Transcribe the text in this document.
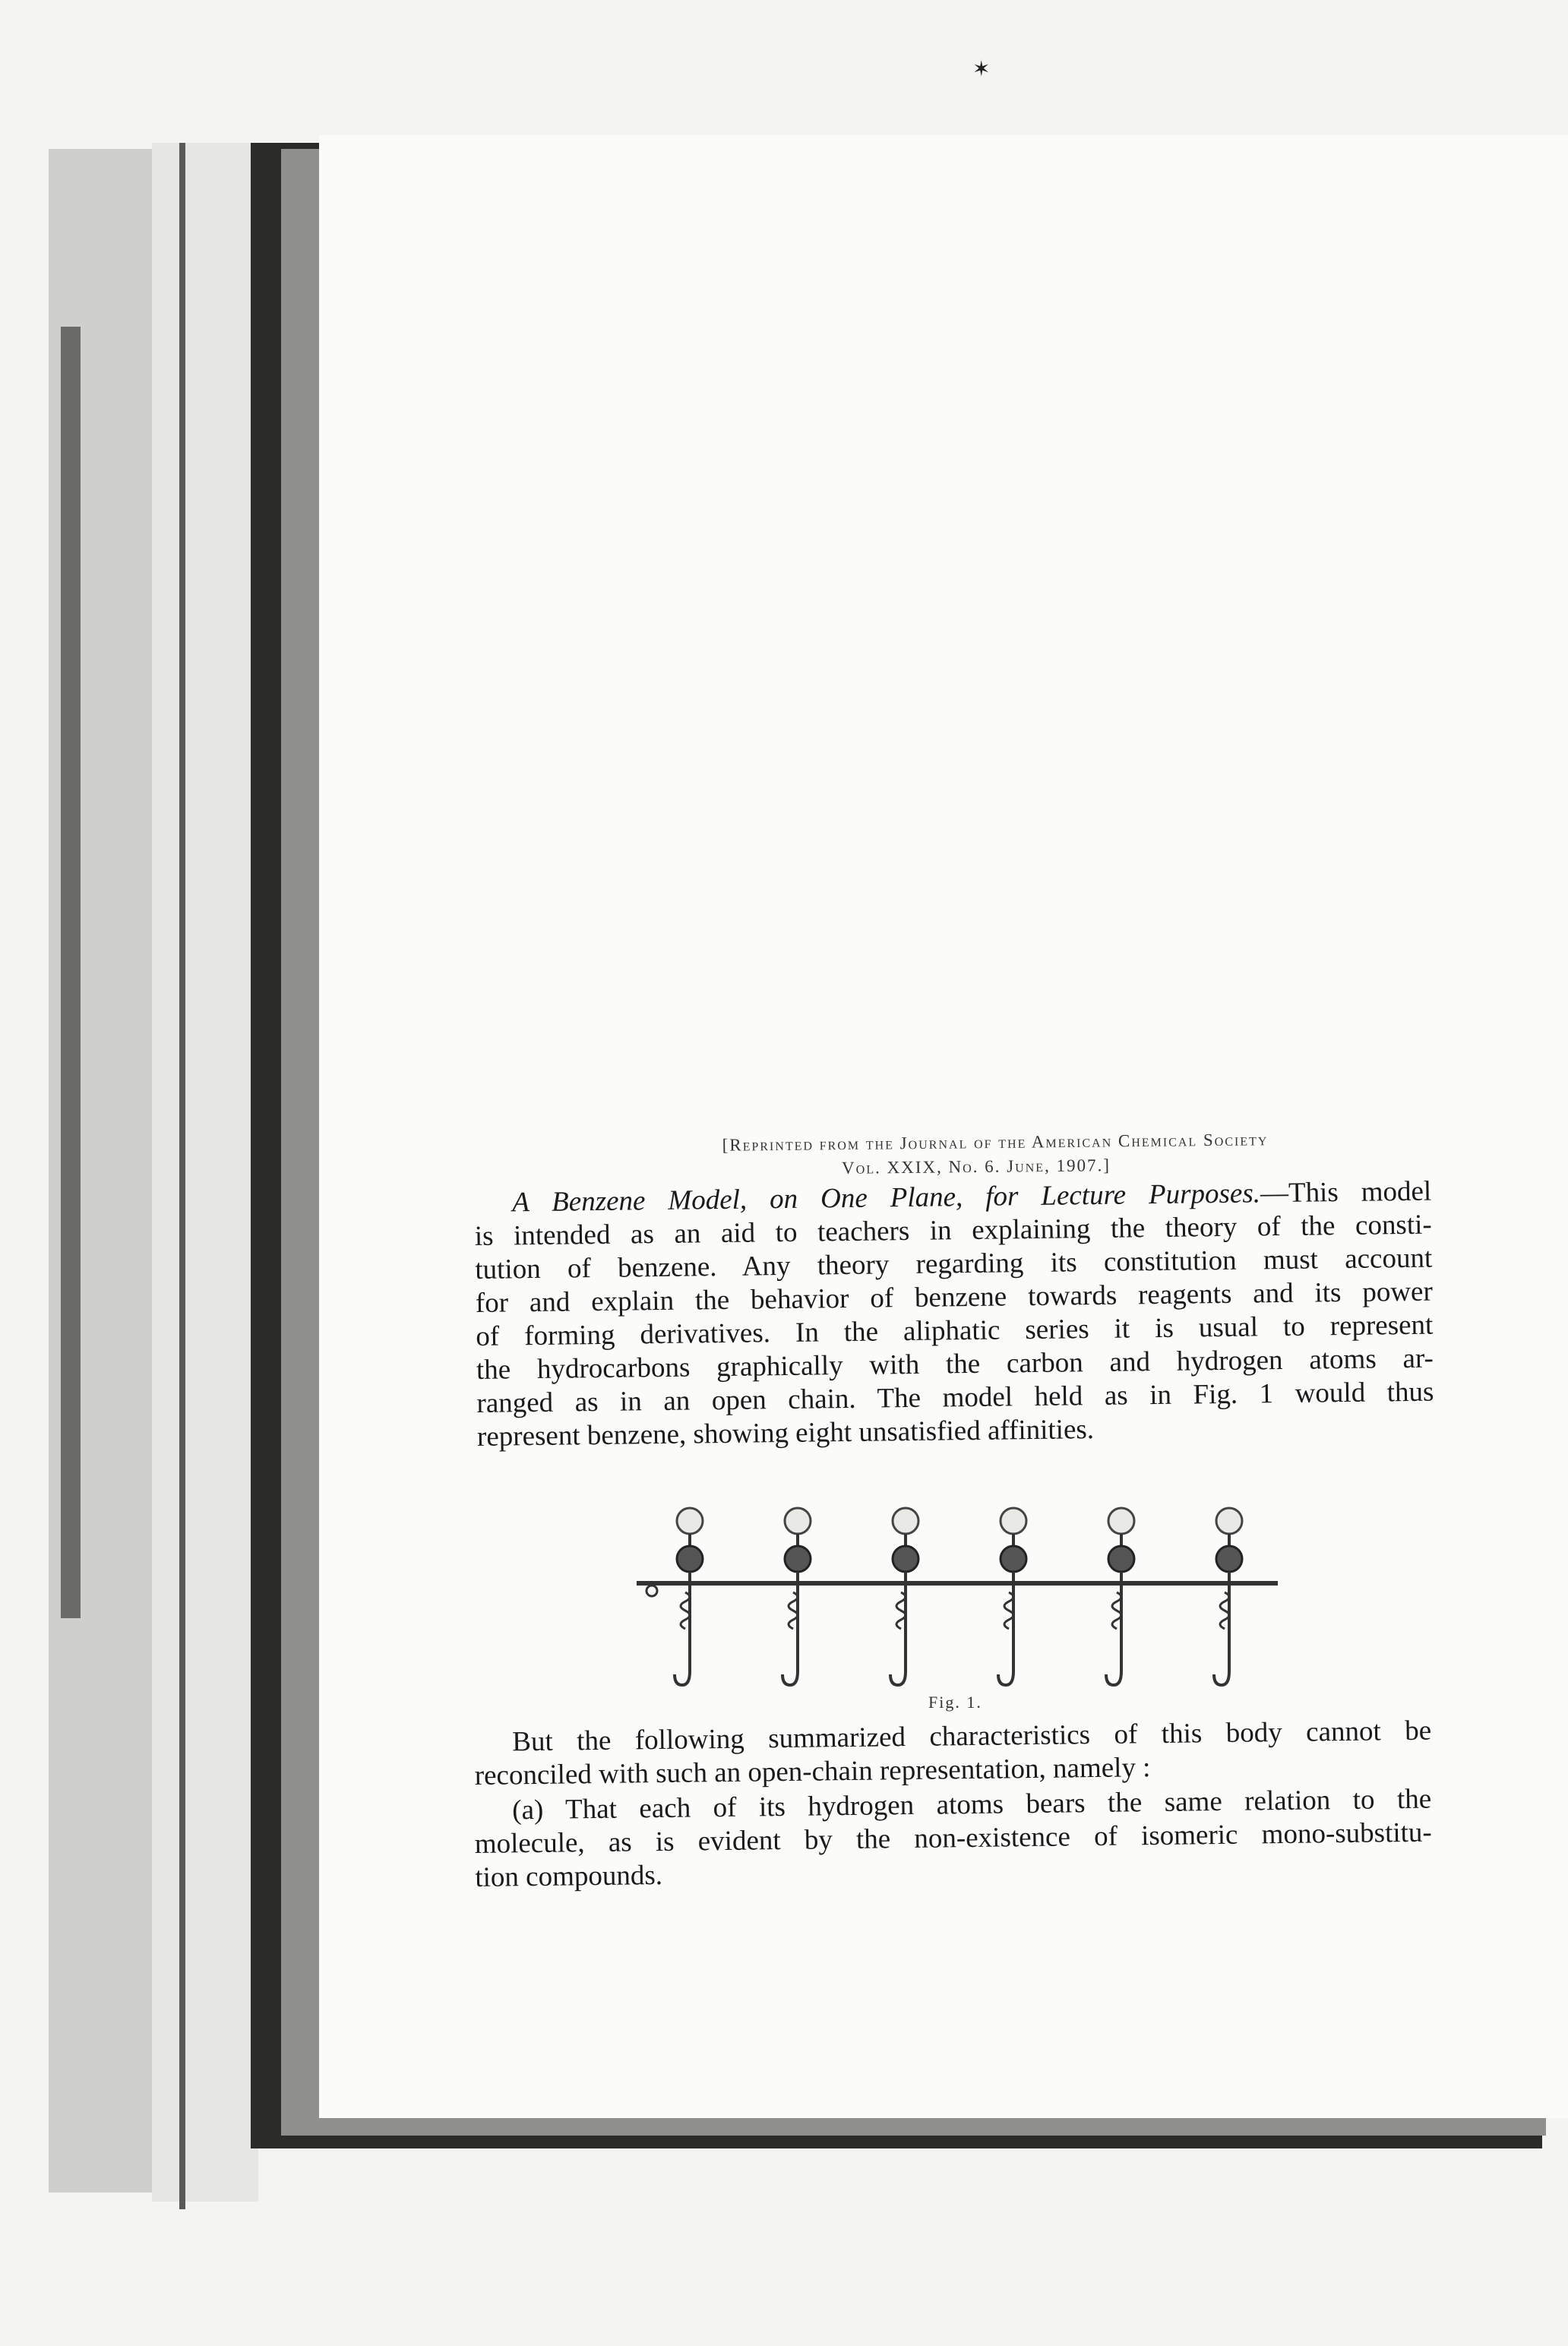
✶
[Reprinted from the Journal of the American Chemical Society
Vol. XXIX, No. 6. June, 1907.]
A Benzene Model, on One Plane, for Lecture Purposes.—This model
is intended as an aid to teachers in explaining the theory of the consti-
tution of benzene. Any theory regarding its constitution must account
for and explain the behavior of benzene towards reagents and its power
of forming derivatives. In the aliphatic series it is usual to represent
the hydrocarbons graphically with the carbon and hydrogen atoms ar-
ranged as in an open chain. The model held as in Fig. 1 would thus
represent benzene, showing eight unsatisfied affinities.
Fig. 1.
But the following summarized characteristics of this body cannot be
reconciled with such an open-chain representation, namely :
(a) That each of its hydrogen atoms bears the same relation to the
molecule, as is evident by the non-existence of isomeric mono-substitu-
tion compounds.
